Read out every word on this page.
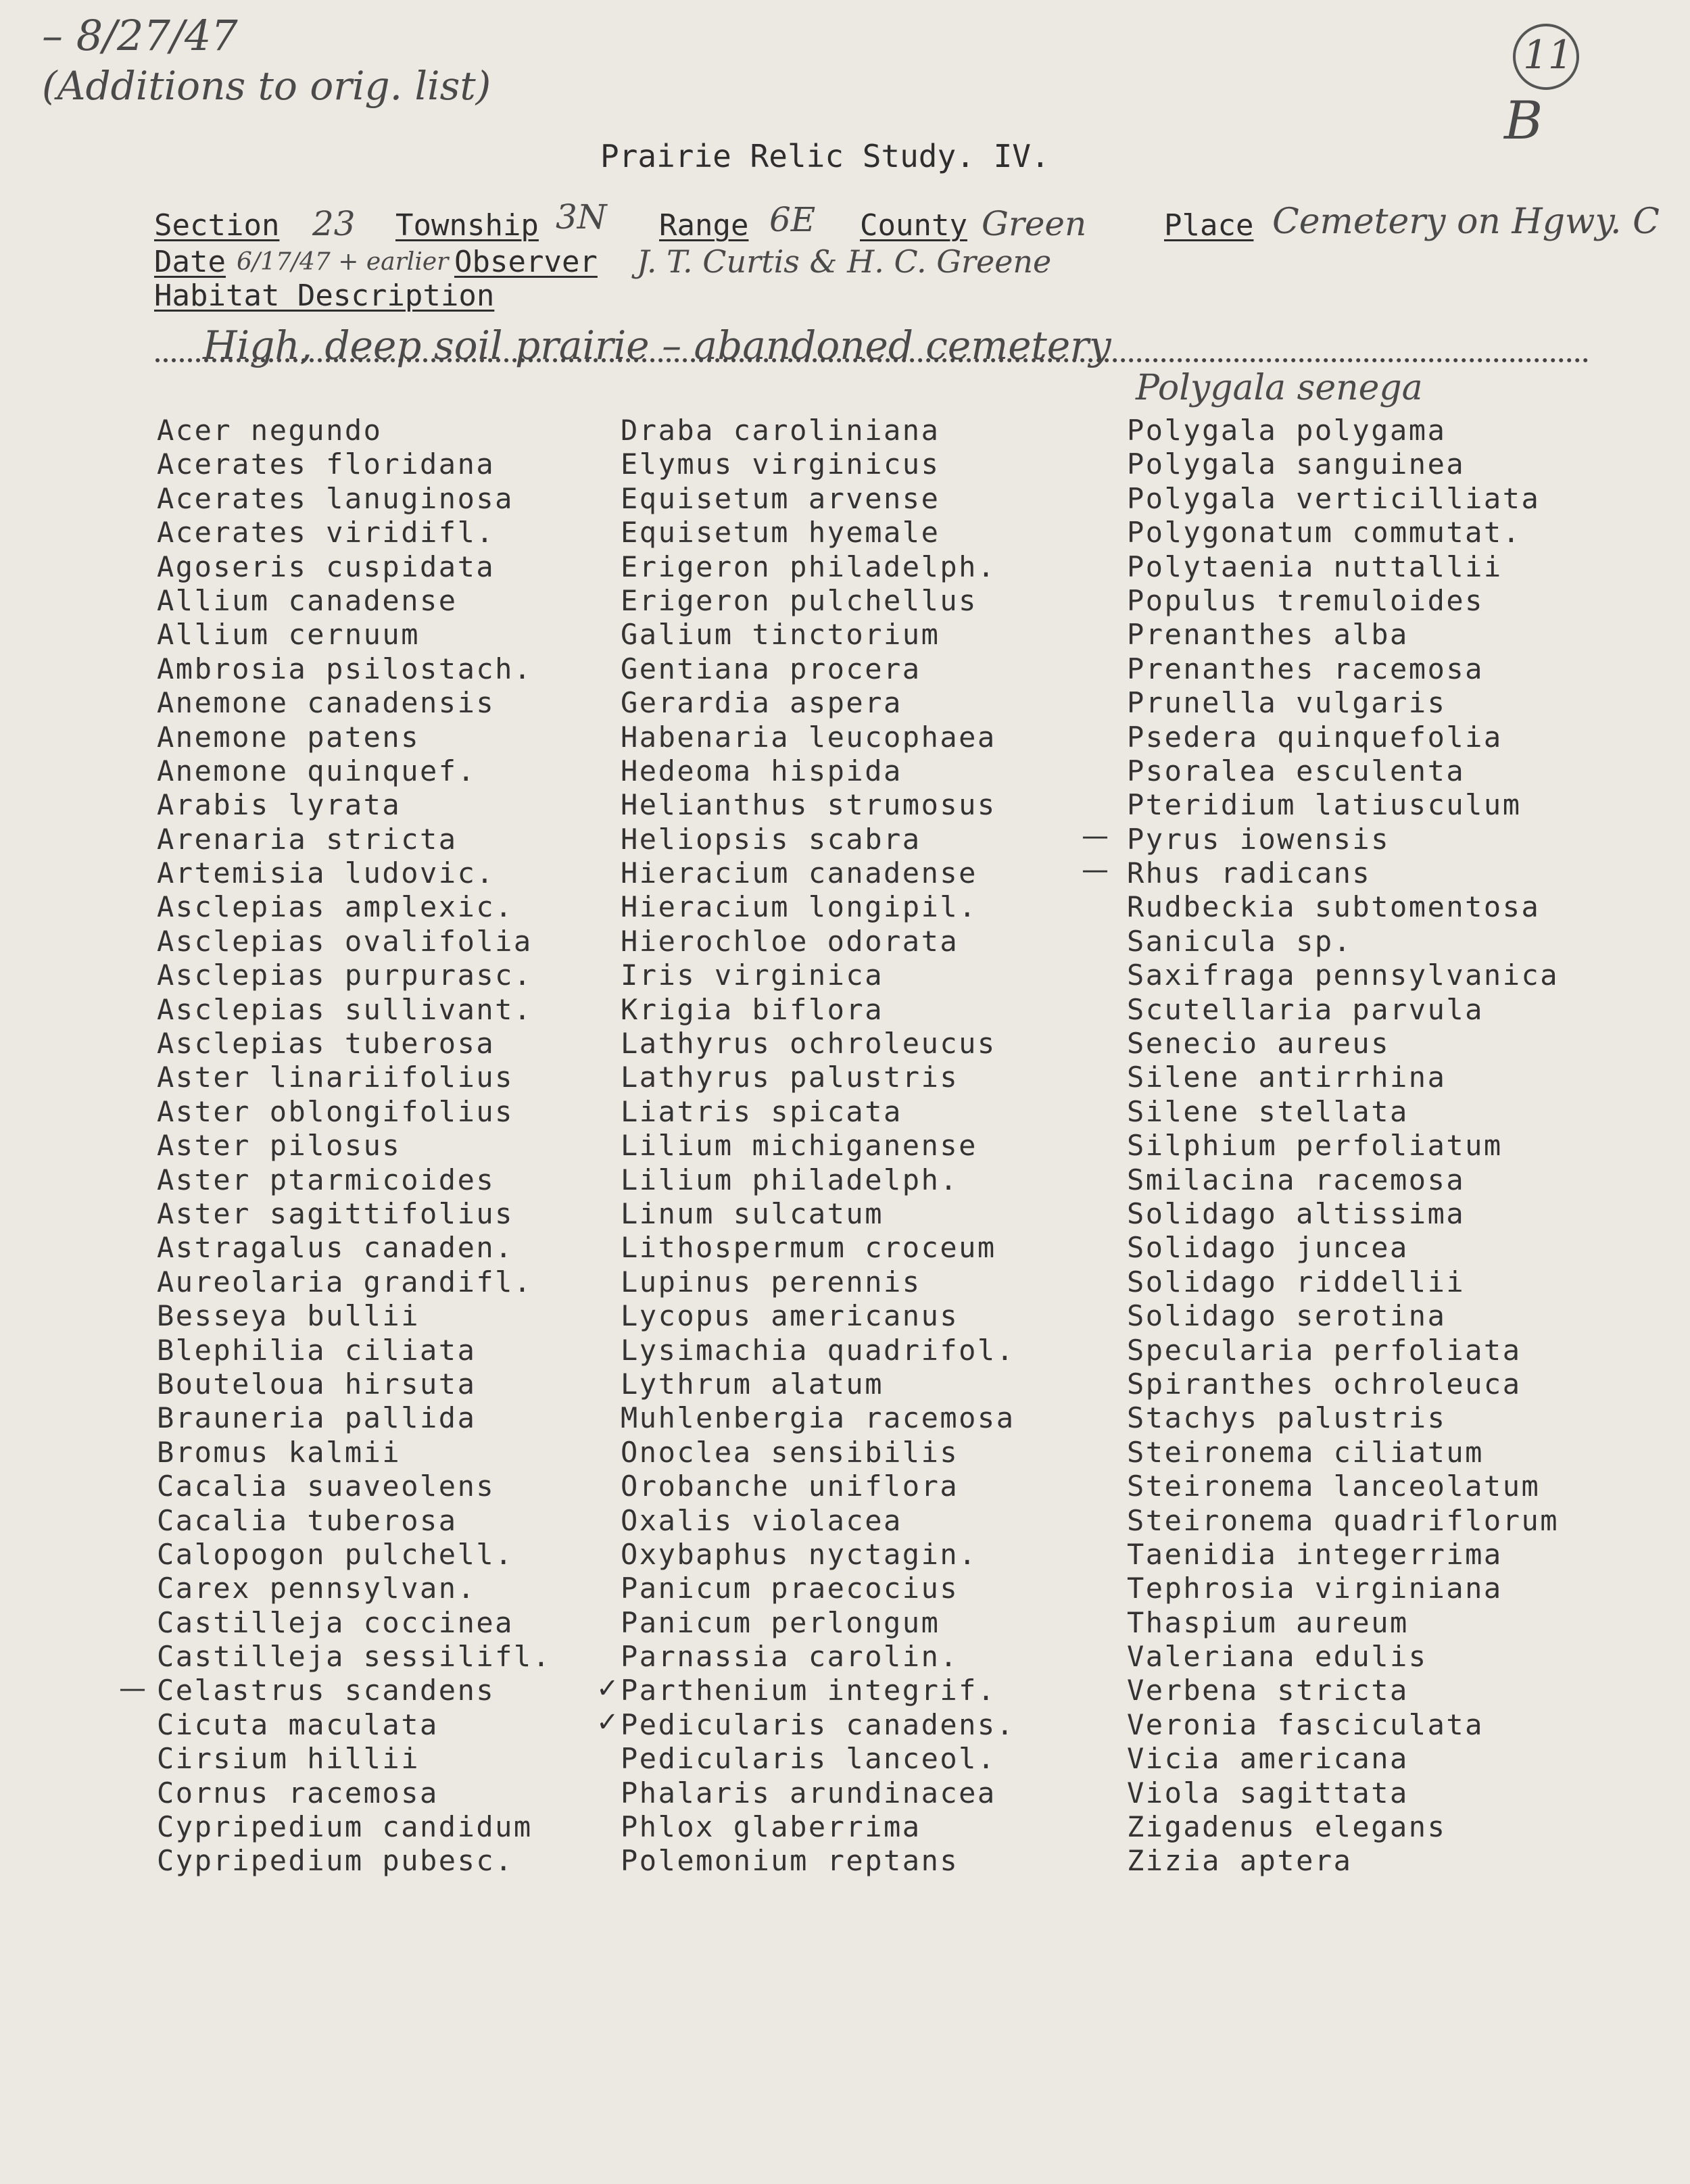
– 8/27/47
(Additions to orig. list)
11
B
Prairie Relic Study. IV.
Section 23 Township 3N Range 6E County Green	Place Cemetery on Hgwy. C
Date 6/17/47 + earlier Observer J. T. Curtis & H. C. Greene
Habitat Description
High, deep soil prairie – abandoned cemetery
Polygala senega
Acer negundo
Acerates floridana
Acerates lanuginosa
Acerates viridifl.
Agoseris cuspidata
Allium canadense
Allium cernuum
Ambrosia psilostach.
Anemone canadensis
Anemone patens
Anemone quinquef.
Arabis lyrata
Arenaria stricta
Artemisia ludovic.
Asclepias amplexic.
Asclepias ovalifolia
Asclepias purpurasc.
Asclepias sullivant.
Asclepias tuberosa
Aster linariifolius
Aster oblongifolius
Aster pilosus
Aster ptarmicoides
Aster sagittifolius
Astragalus canaden.
Aureolaria grandifl.
Besseya bullii
Blephilia ciliata
Bouteloua hirsuta
Brauneria pallida
Bromus kalmii
Cacalia suaveolens
Cacalia tuberosa
Calopogon pulchell.
Carex pennsylvan.
Castilleja coccinea
Castilleja sessilifl.
Celastrus scandens
Cicuta maculata
Cirsium hillii
Cornus racemosa
Cypripedium candidum
Cypripedium pubesc.
Draba caroliniana
Elymus virginicus
Equisetum arvense
Equisetum hyemale
Erigeron philadelph.
Erigeron pulchellus
Galium tinctorium
Gentiana procera
Gerardia aspera
Habenaria leucophaea
Hedeoma hispida
Helianthus strumosus
Heliopsis scabra
Hieracium canadense
Hieracium longipil.
Hierochloe odorata
Iris virginica
Krigia biflora
Lathyrus ochroleucus
Lathyrus palustris
Liatris spicata
Lilium michiganense
Lilium philadelph.
Linum sulcatum
Lithospermum croceum
Lupinus perennis
Lycopus americanus
Lysimachia quadrifol.
Lythrum alatum
Muhlenbergia racemosa
Onoclea sensibilis
Orobanche uniflora
Oxalis violacea
Oxybaphus nyctagin.
Panicum praecocius
Panicum perlongum
Parnassia carolin.
Parthenium integrif.
Pedicularis canadens.
Pedicularis lanceol.
Phalaris arundinacea
Phlox glaberrima
Polemonium reptans
Polygala polygama
Polygala sanguinea
Polygala verticilliata
Polygonatum commutat.
Polytaenia nuttallii
Populus tremuloides
Prenanthes alba
Prenanthes racemosa
Prunella vulgaris
Psedera quinquefolia
Psoralea esculenta
Pteridium latiusculum
Pyrus iowensis
Rhus radicans
Rudbeckia subtomentosa
Sanicula sp.
Saxifraga pennsylvanica
Scutellaria parvula
Senecio aureus
Silene antirrhina
Silene stellata
Silphium perfoliatum
Smilacina racemosa
Solidago altissima
Solidago juncea
Solidago riddellii
Solidago serotina
Specularia perfoliata
Spiranthes ochroleuca
Stachys palustris
Steironema ciliatum
Steironema lanceolatum
Steironema quadriflorum
Taenidia integerrima
Tephrosia virginiana
Thaspium aureum
Valeriana edulis
Verbena stricta
Veronia fasciculata
Vicia americana
Viola sagittata
Zigadenus elegans
Zizia aptera
—
—
—	✓
✓
